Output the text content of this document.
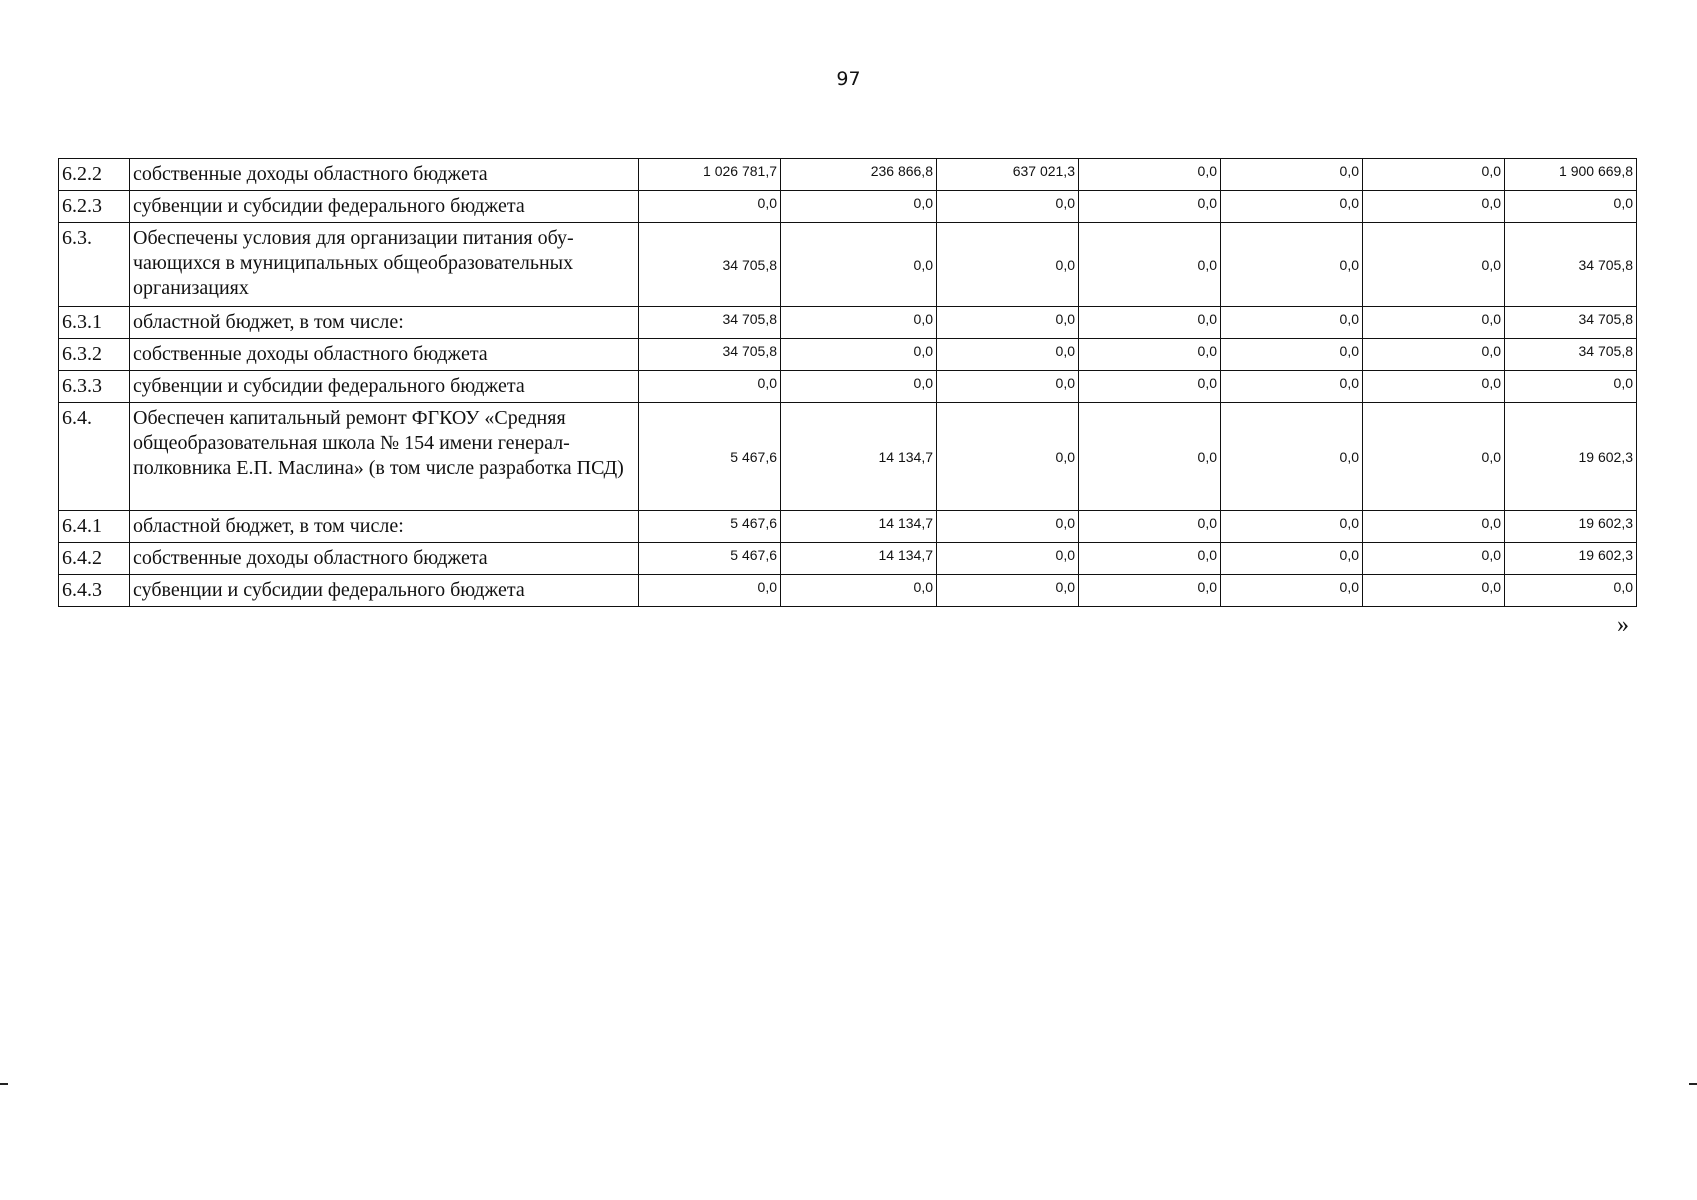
97
6.2.2	собственные доходы областного бюджета	1 026 781,7	236 866,8	637 021,3	0,0	0,0	0,0	1 900 669,8
6.2.3	субвенции и субсидии федерального бюджета	0,0	0,0	0,0	0,0	0,0	0,0	0,0
6.3.	Обеспечены условия для организации питания обу-чающихся в муниципальных общеобразовательных организациях	34 705,8	0,0	0,0	0,0	0,0	0,0	34 705,8
6.3.1	областной бюджет, в том числе:	34 705,8	0,0	0,0	0,0	0,0	0,0	34 705,8
6.3.2	собственные доходы областного бюджета	34 705,8	0,0	0,0	0,0	0,0	0,0	34 705,8
6.3.3	субвенции и субсидии федерального бюджета	0,0	0,0	0,0	0,0	0,0	0,0	0,0
6.4.	Обеспечен капитальный ремонт ФГКОУ «Средняя общеобразовательная школа № 154 имени генерал-полковника Е.П. Маслина» (в том числе разработка ПСД)	5 467,6	14 134,7	0,0	0,0	0,0	0,0	19 602,3
6.4.1	областной бюджет, в том числе:	5 467,6	14 134,7	0,0	0,0	0,0	0,0	19 602,3
6.4.2	собственные доходы областного бюджета	5 467,6	14 134,7	0,0	0,0	0,0	0,0	19 602,3
6.4.3	субвенции и субсидии федерального бюджета	0,0	0,0	0,0	0,0	0,0	0,0	0,0
»
